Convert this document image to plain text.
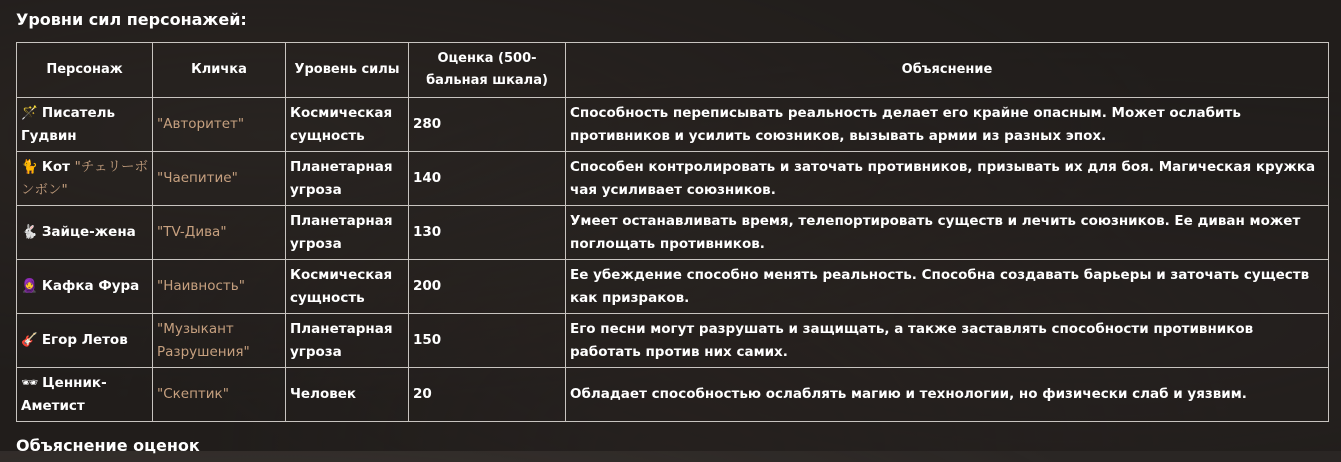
Уровни сил персонажей:
Персонаж	Кличка	Уровень силы	Оценка (500-бальная шкала)	Объяснение
🪄 Писатель Гудвин	"Авторитет"	Космическая сущность	280	Способность переписывать реальность делает его крайне опасным. Может ослабить противников и усилить союзников, вызывать армии из разных эпох.
🐈 Кот "チェリーボンボン"	"Чаепитие"	Планетарная угроза	140	Способен контролировать и заточать противников, призывать их для боя. Магическая кружка чая усиливает союзников.
🐇 Зайце-жена	"TV-Дива"	Планетарная угроза	130	Умеет останавливать время, телепортировать существ и лечить союзников. Ее диван может поглощать противников.
🧕 Кафка Фура	"Наивность"	Космическая сущность	200	Ее убеждение способно менять реальность. Способна создавать барьеры и заточать существ как призраков.
🎸 Егор Летов	"Музыкант Разрушения"	Планетарная угроза	150	Его песни могут разрушать и защищать, а также заставлять способности противников работать против них самих.
🕶 Ценник-Аметист	"Скептик"	Человек	20	Обладает способностью ослаблять магию и технологии, но физически слаб и уязвим.
Объяснение оценок
